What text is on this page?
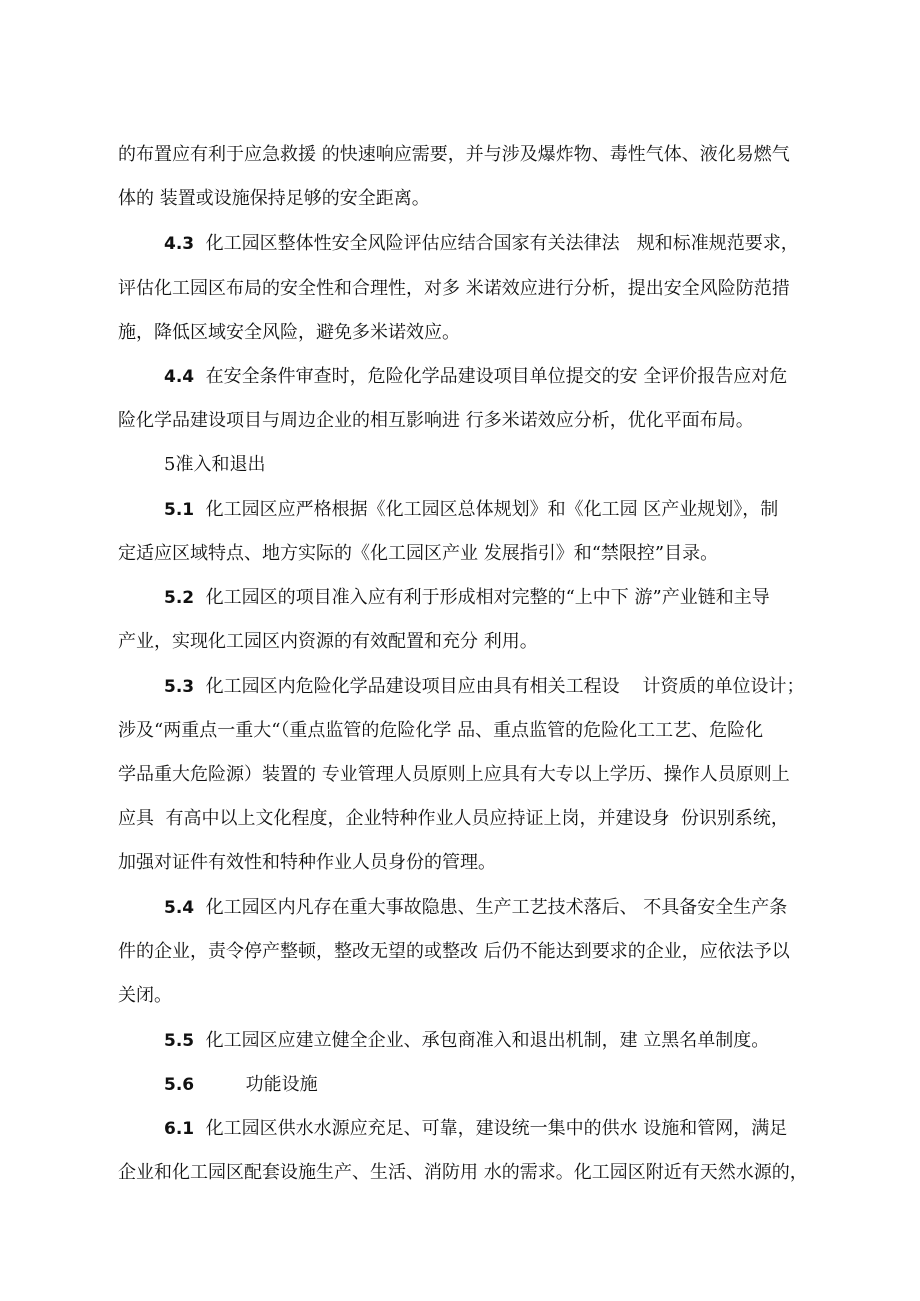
的布置应有利于应急救援 的快速响应需要，并与涉及爆炸物、毒性气体、液化易燃气
体的 装置或设施保持足够的安全距离。
4.3  化工园区整体性安全风险评估应结合国家有关法律法   规和标准规范要求，
评估化工园区布局的安全性和合理性，对多 米诺效应进行分析，提出安全风险防范措
施，降低区域安全风险，避免多米诺效应。
4.4  在安全条件审查时，危险化学品建设项目单位提交的安 全评价报告应对危
险化学品建设项目与周边企业的相互影响进 行多米诺效应分析，优化平面布局。
5准入和退出
5.1  化工园区应严格根据《化工园区总体规划》和《化工园 区产业规划》，制
定适应区域特点、地方实际的《化工园区产业 发展指引》和“禁限控”目录。
5.2  化工园区的项目准入应有利于形成相对完整的“上中下 游”产业链和主导
产业，实现化工园区内资源的有效配置和充分 利用。
5.3  化工园区内危险化学品建设项目应由具有相关工程设    计资质的单位设计；
涉及“两重点一重大“（重点监管的危险化学 品、重点监管的危险化工工艺、危险化
学品重大危险源）装置的 专业管理人员原则上应具有大专以上学历、操作人员原则上
应具  有高中以上文化程度，企业特种作业人员应持证上岗，并建设身  份识别系统，
加强对证件有效性和特种作业人员身份的管理。
5.4  化工园区内凡存在重大事故隐患、生产工艺技术落后、 不具备安全生产条
件的企业，责令停产整顿，整改无望的或整改 后仍不能达到要求的企业，应依法予以
关闭。
5.5  化工园区应建立健全企业、承包商准入和退出机制，建 立黑名单制度。
5.6         功能设施
6.1  化工园区供水水源应充足、可靠，建设统一集中的供水 设施和管网，满足
企业和化工园区配套设施生产、生活、消防用 水的需求。化工园区附近有天然水源的，
